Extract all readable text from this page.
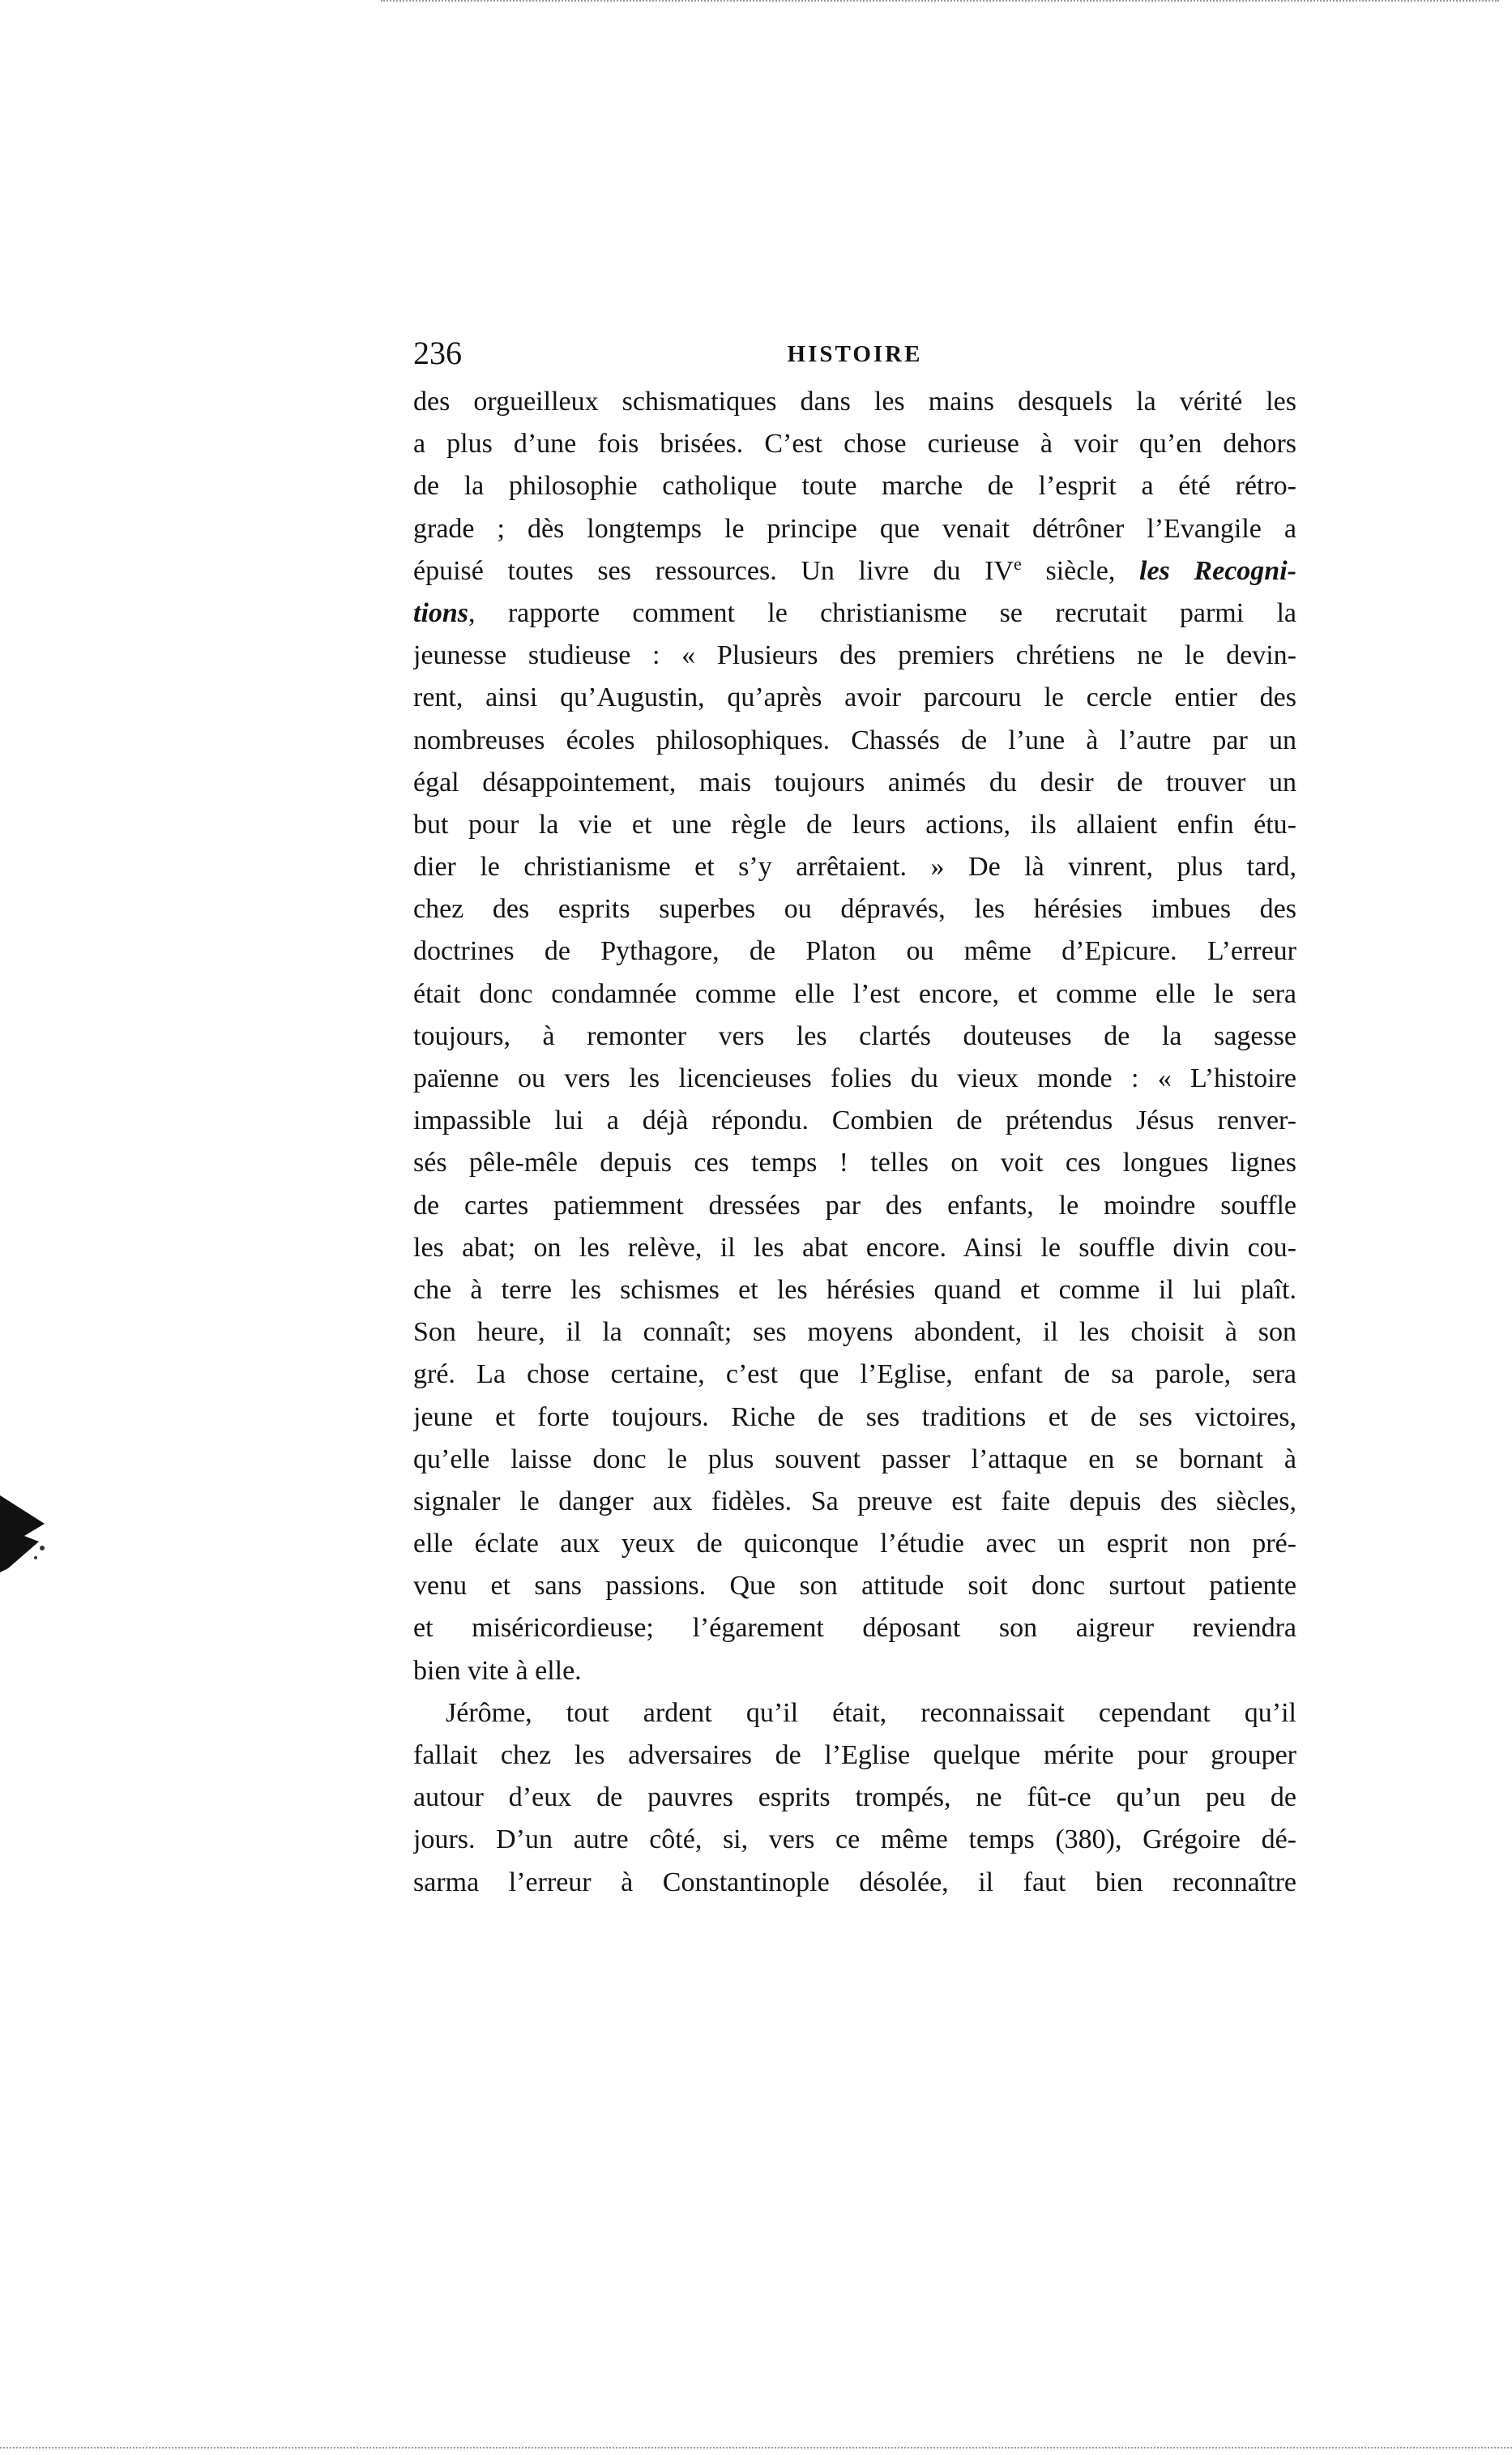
236	HISTOIRE
des orgueilleux schismatiques dans les mains desquels la vérité les
a plus d’une fois brisées. C’est chose curieuse à voir qu’en dehors
de la philosophie catholique toute marche de l’esprit a été rétro-
grade ; dès longtemps le principe que venait détrôner l’Evangile a
épuisé toutes ses ressources. Un livre du IVe siècle, les Recogni-
tions, rapporte comment le christianisme se recrutait parmi la
jeunesse studieuse : « Plusieurs des premiers chrétiens ne le devin-
rent, ainsi qu’Augustin, qu’après avoir parcouru le cercle entier des
nombreuses écoles philosophiques. Chassés de l’une à l’autre par un
égal désappointement, mais toujours animés du desir de trouver un
but pour la vie et une règle de leurs actions, ils allaient enfin étu-
dier le christianisme et s’y arrêtaient. » De là vinrent, plus tard,
chez des esprits superbes ou dépravés, les hérésies imbues des
doctrines de Pythagore, de Platon ou même d’Epicure. L’erreur
était donc condamnée comme elle l’est encore, et comme elle le sera
toujours, à remonter vers les clartés douteuses de la sagesse
païenne ou vers les licencieuses folies du vieux monde : « L’histoire
impassible lui a déjà répondu. Combien de prétendus Jésus renver-
sés pêle-mêle depuis ces temps ! telles on voit ces longues lignes
de cartes patiemment dressées par des enfants, le moindre souffle
les abat; on les relève, il les abat encore. Ainsi le souffle divin cou-
che à terre les schismes et les hérésies quand et comme il lui plaît.
Son heure, il la connaît; ses moyens abondent, il les choisit à son
gré. La chose certaine, c’est que l’Eglise, enfant de sa parole, sera
jeune et forte toujours. Riche de ses traditions et de ses victoires,
qu’elle laisse donc le plus souvent passer l’attaque en se bornant à
signaler le danger aux fidèles. Sa preuve est faite depuis des siècles,
elle éclate aux yeux de quiconque l’étudie avec un esprit non pré-
venu et sans passions. Que son attitude soit donc surtout patiente
et miséricordieuse; l’égarement déposant son aigreur reviendra
bien vite à elle.
Jérôme, tout ardent qu’il était, reconnaissait cependant qu’il
fallait chez les adversaires de l’Eglise quelque mérite pour grouper
autour d’eux de pauvres esprits trompés, ne fût-ce qu’un peu de
jours. D’un autre côté, si, vers ce même temps (380), Grégoire dé-
sarma l’erreur à Constantinople désolée, il faut bien reconnaître
